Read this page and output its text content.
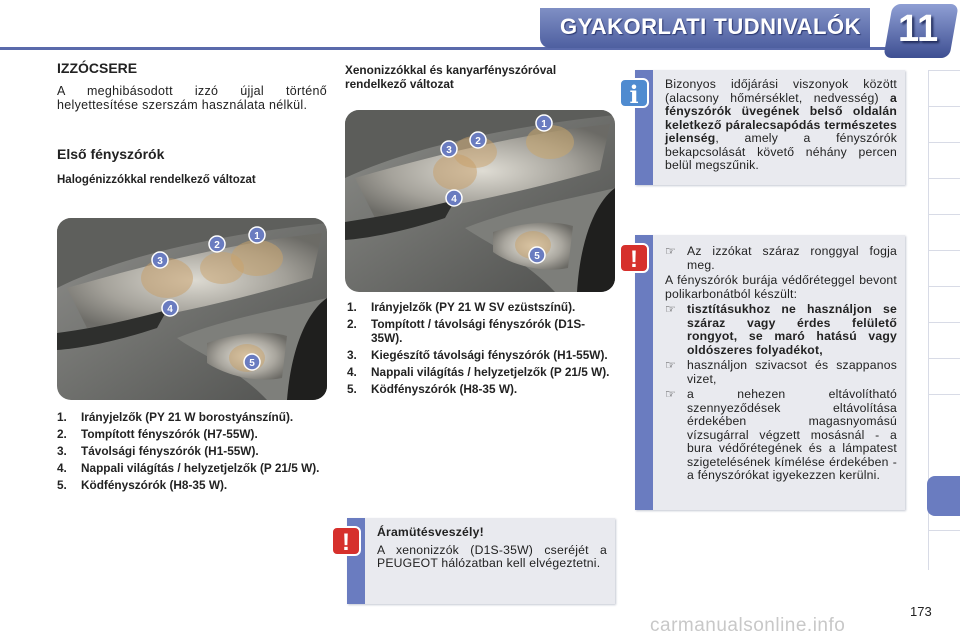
GYAKORLATI TUDNIVALÓK 11
IZZÓCSERE
A meghibásodott izzó újjal történő helyettesítése szerszám használata nélkül.
Első fényszórók
Halogénizzókkal rendelkező változat
1
2
3
4
5
1.	Irányjelzők (PY 21 W borostyánszínű).
2.	Tompított fényszórók (H7-55W).
3.	Távolsági fényszórók (H1-55W).
4.	Nappali világítás / helyzetjelzők (P 21/5 W).
5.	Ködfényszórók (H8-35 W).
Xenonizzókkal és kanyarfényszóróval rendelkező változat
1
2
3
4
5
1.	Irányjelzők (PY 21 W SV ezüstszínű).
2.	Tompított / távolsági fényszórók (D1S-35W).
3.	Kiegészítő távolsági fényszórók (H1-55W).
4.	Nappali világítás / helyzetjelzők (P 21/5 W).
5.	Ködfényszórók (H8-35 W).
i	Bizonyos időjárási viszonyok között (alacsony hőmérséklet, nedvesség) a fényszórók üvegének belső oldalán keletkező páralecsapódás természetes jelenség, amely a fényszórók bekapcsolását követő néhány percen belül megszűnik.
!	☞ Az izzókat száraz ronggyal fogja meg.
A fényszórók burája védőréteggel bevont polikarbonátból készült:
☞ tisztításukhoz ne használjon se száraz vagy érdes felülető rongyot, se maró hatású vagy oldószeres folyadékot,
☞ használjon szivacsot és szappanos vizet,
☞ a nehezen eltávolítható szennyeződések eltávolítása érdekében magasnyomású vízsugárral végzett mosásnál - a bura védőrétegének és a lámpatest szigetelésének kímélése érdekében - a fényszórókat igyekezzen kerülni.
!	Áramütésveszély!
A xenonizzók (D1S-35W) cseréjét a PEUGEOT hálózatban kell elvégeztetni.
173
carmanualsonline.info
